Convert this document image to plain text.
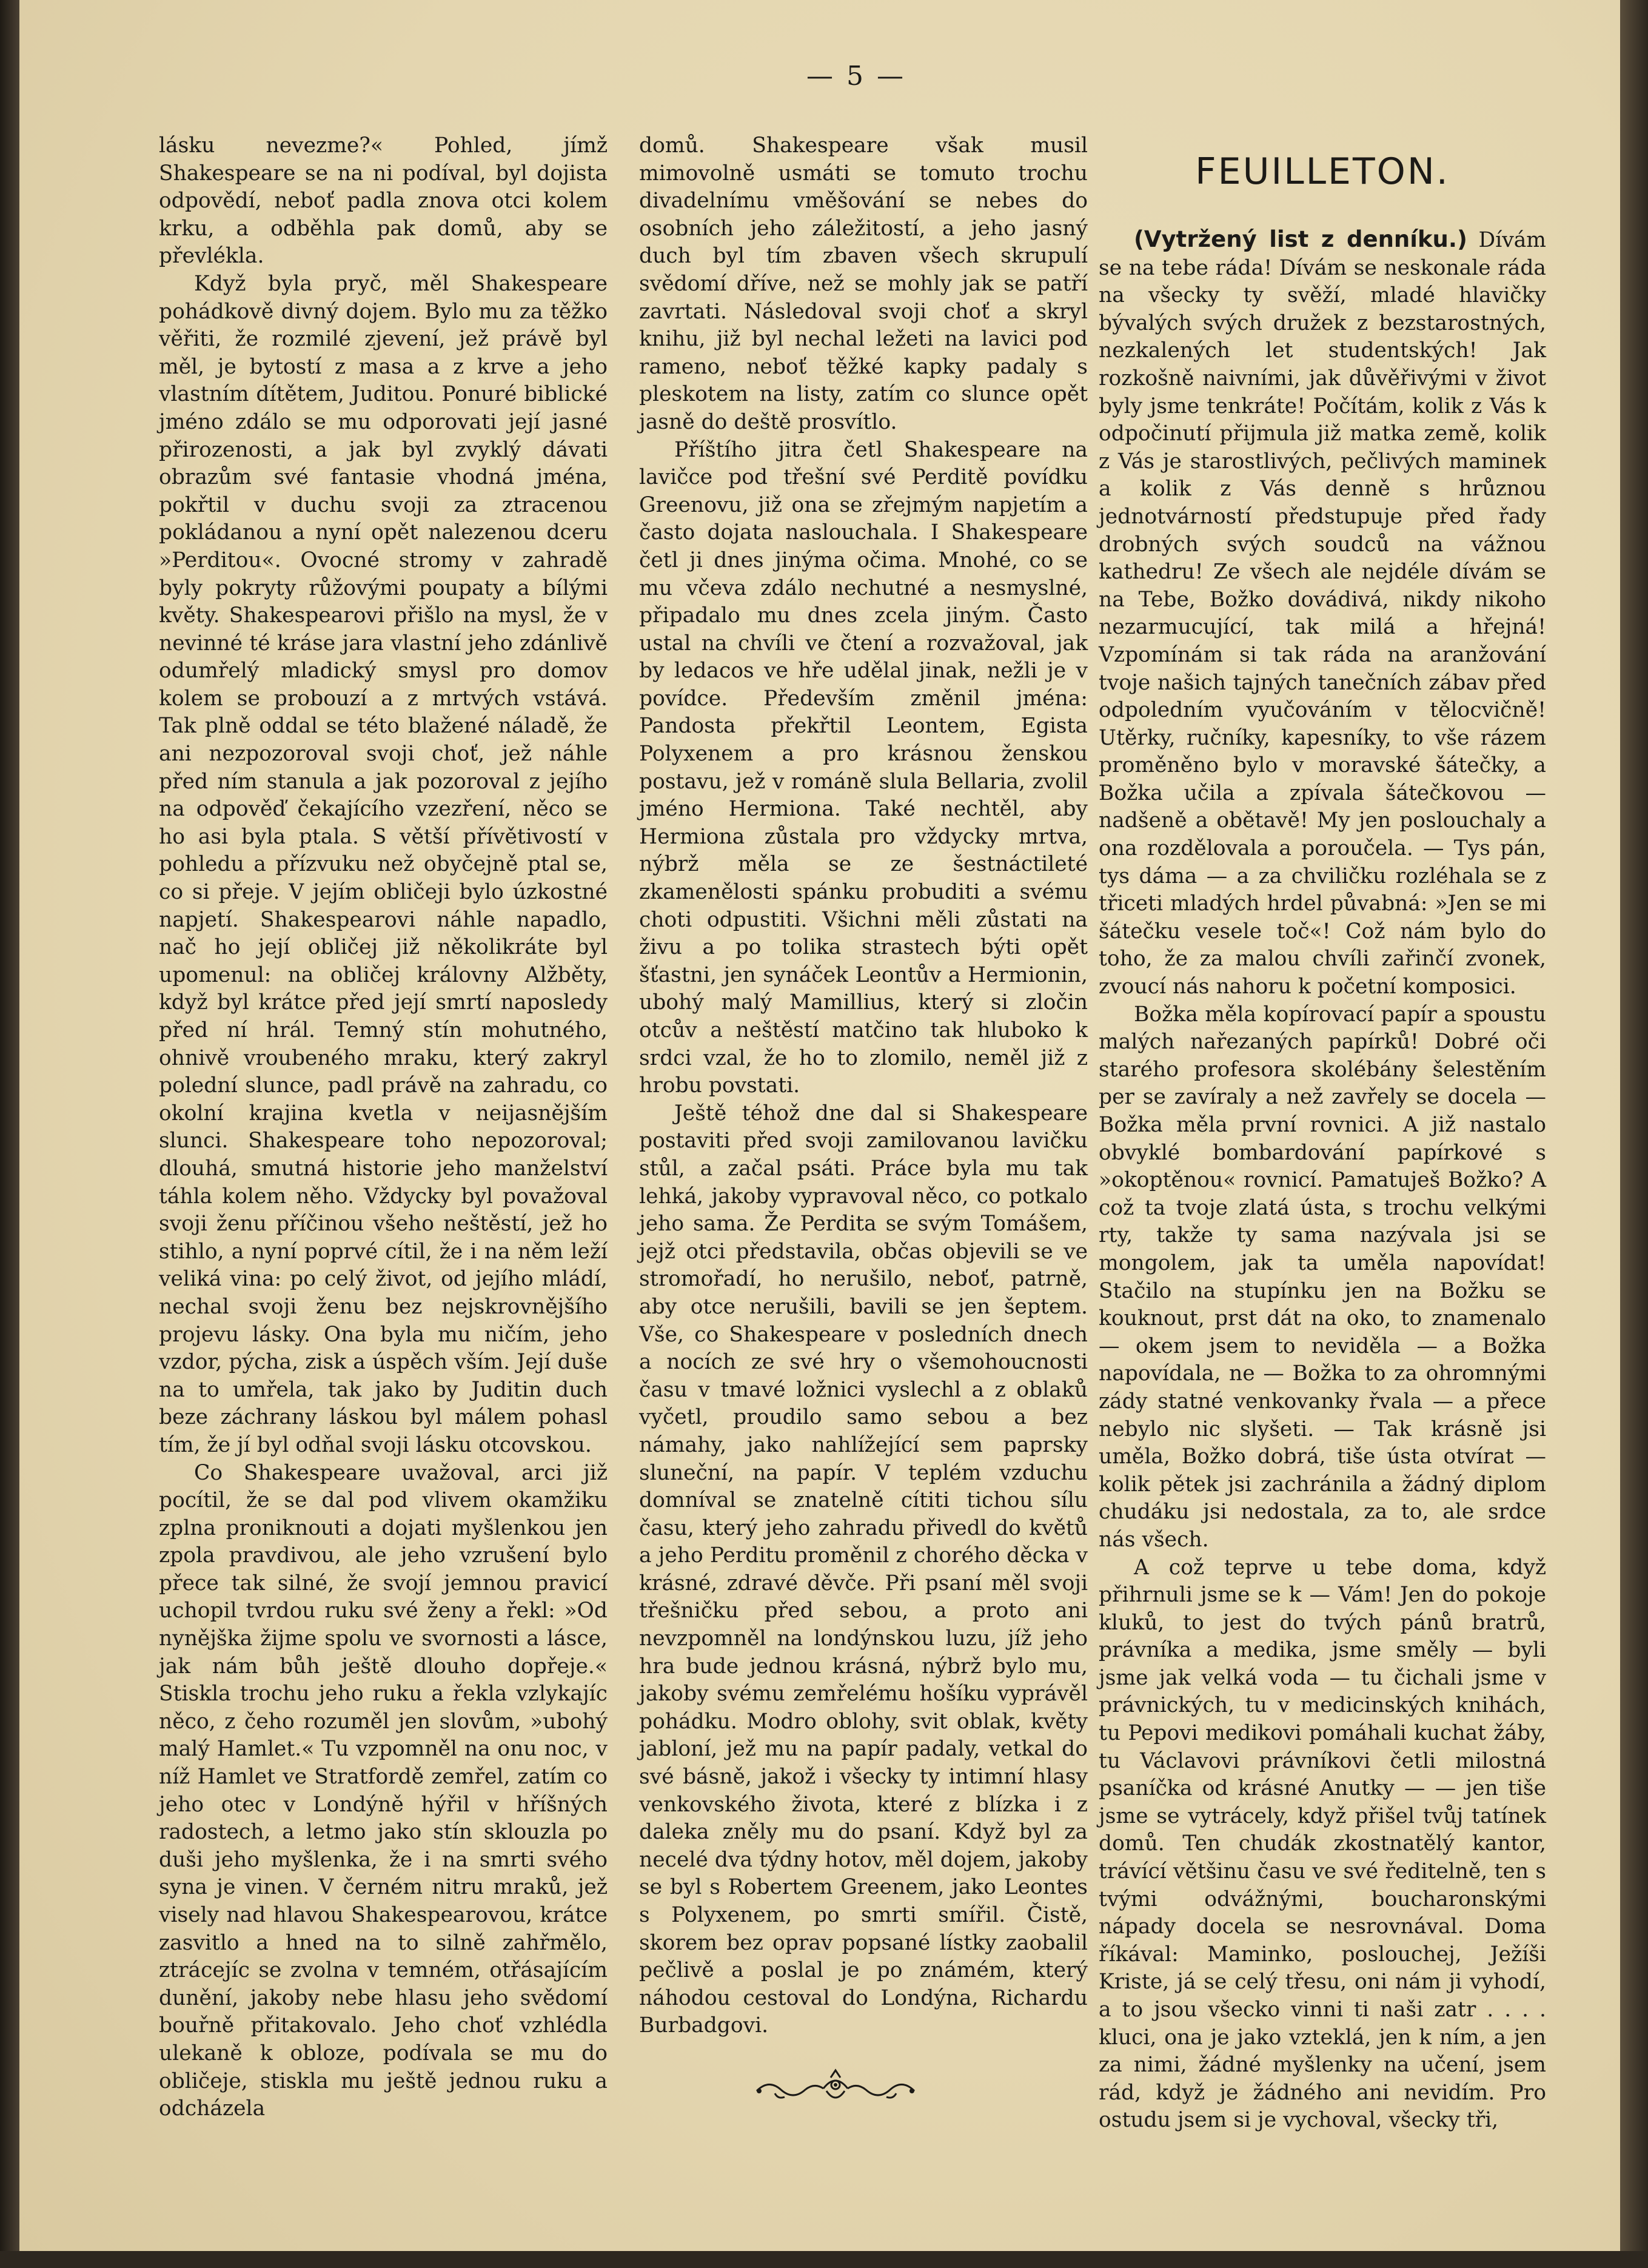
— 5 —

lásku nevezme?« Pohled, jímž Shakespeare se na ni podíval, byl dojista odpovědí, neboť padla znova otci kolem krku, a odběhla pak domů, aby se převlékla.

Když byla pryč, měl Shakespeare pohádkově divný dojem. Bylo mu za těžko věřiti, že rozmilé zjevení, jež právě byl měl, je bytostí z masa a z krve a jeho vlastním dítětem, Juditou. Ponuré biblické jméno zdálo se mu odporovati její jasné přirozenosti, a jak byl zvyklý dávati obrazům své fantasie vhodná jména, pokřtil v duchu svoji za ztracenou pokládanou a nyní opět nalezenou dceru »Perditou«. Ovocné stromy v zahradě byly pokryty růžovými poupaty a bílými květy. Shakespearovi přišlo na mysl, že v nevinné té kráse jara vlastní jeho zdánlivě odumřelý mladický smysl pro domov kolem se probouzí a z mrtvých vstává. Tak plně oddal se této blažené náladě, že ani nezpozoroval svoji choť, jež náhle před ním stanula a jak pozoroval z jejího na odpověď čekajícího vzezření, něco se ho asi byla ptala. S větší přívětivostí v pohledu a přízvuku než obyčejně ptal se, co si přeje. V jejím obličeji bylo úzkostné napjetí. Shakespearovi náhle napadlo, nač ho její obličej již několikráte byl upomenul: na obličej královny Alžběty, když byl krátce před její smrtí naposledy před ní hrál. Temný stín mohutného, ohnivě vroubeného mraku, který zakryl polední slunce, padl právě na zahradu, co okolní krajina kvetla v neijasnějším slunci. Shakespeare toho nepozoroval; dlouhá, smutná historie jeho manželství táhla kolem něho. Vždycky byl považoval svoji ženu příčinou všeho neštěstí, jež ho stihlo, a nyní poprvé cítil, že i na něm leží veliká vina: po celý život, od jejího mládí, nechal svoji ženu bez nejskrovnějšího projevu lásky. Ona byla mu ničím, jeho vzdor, pýcha, zisk a úspěch vším. Její duše na to umřela, tak jako by Juditin duch beze záchrany láskou byl málem pohasl tím, že jí byl odňal svoji lásku otcovskou.

Co Shakespeare uvažoval, arci již pocítil, že se dal pod vlivem okamžiku zplna proniknouti a dojati myšlenkou jen zpola pravdivou, ale jeho vzrušení bylo přece tak silné, že svojí jemnou pravicí uchopil tvrdou ruku své ženy a řekl: »Od nynějška žijme spolu ve svornosti a lásce, jak nám bůh ještě dlouho dopřeje.« Stiskla trochu jeho ruku a řekla vzlykajíc něco, z čeho rozuměl jen slovům, »ubohý malý Hamlet.« Tu vzpomněl na onu noc, v níž Hamlet ve Stratfordě zemřel, zatím co jeho otec v Londýně hýřil v hříšných radostech, a letmo jako stín sklouzla po duši jeho myšlenka, že i na smrti svého syna je vinen. V černém nitru mraků, jež visely nad hlavou Shakespearovou, krátce zasvitlo a hned na to silně zahřmělo, ztrácejíc se zvolna v temném, otřásajícím dunění, jakoby nebe hlasu jeho svědomí bouřně přitakovalo. Jeho choť vzhlédla ulekaně k obloze, podívala se mu do obličeje, stiskla mu ještě jednou ruku a odcházela

domů. Shakespeare však musil mimovolně usmáti se tomuto trochu divadelnímu vměšování se nebes do osobních jeho záležitostí, a jeho jasný duch byl tím zbaven všech skrupulí svědomí dříve, než se mohly jak se patří zavrtati. Následoval svoji choť a skryl knihu, již byl nechal ležeti na lavici pod rameno, neboť těžké kapky padaly s pleskotem na listy, zatím co slunce opět jasně do deště prosvítlo.

Příštího jitra četl Shakespeare na lavičce pod třešní své Perditě povídku Greenovu, již ona se zřejmým napjetím a často dojata naslouchala. I Shakespeare četl ji dnes jinýma očima. Mnohé, co se mu včeva zdálo nechutné a nesmyslné, připadalo mu dnes zcela jiným. Často ustal na chvíli ve čtení a rozvažoval, jak by ledacos ve hře udělal jinak, nežli je v povídce. Především změnil jména: Pandosta překřtil Leontem, Egista Polyxenem a pro krásnou ženskou postavu, jež v románě slula Bellaria, zvolil jméno Hermiona. Také nechtěl, aby Hermiona zůstala pro vždycky mrtva, nýbrž měla se ze šestnáctileté zkamenělosti spánku probuditi a svému choti odpustiti. Všichni měli zůstati na živu a po tolika strastech býti opět šťastni, jen synáček Leontův a Hermionin, ubohý malý Mamillius, který si zločin otcův a neštěstí matčino tak hluboko k srdci vzal, že ho to zlomilo, neměl již z hrobu povstati.

Ještě téhož dne dal si Shakespeare postaviti před svoji zamilovanou lavičku stůl, a začal psáti. Práce byla mu tak lehká, jakoby vypravoval něco, co potkalo jeho sama. Že Perdita se svým Tomášem, jejž otci představila, občas objevili se ve stromořadí, ho nerušilo, neboť, patrně, aby otce nerušili, bavili se jen šeptem. Vše, co Shakespeare v posledních dnech a nocích ze své hry o všemohoucnosti času v tmavé ložnici vyslechl a z oblaků vyčetl, proudilo samo sebou a bez námahy, jako nahlížející sem paprsky sluneční, na papír. V teplém vzduchu domníval se znatelně cítiti tichou sílu času, který jeho zahradu přivedl do květů a jeho Perditu proměnil z chorého děcka v krásné, zdravé děvče. Při psaní měl svoji třešničku před sebou, a proto ani nevzpomněl na londýnskou luzu, jíž jeho hra bude jednou krásná, nýbrž bylo mu, jakoby svému zemřelému hošíku vyprávěl pohádku. Modro oblohy, svit oblak, květy jabloní, jež mu na papír padaly, vetkal do své básně, jakož i všecky ty intimní hlasy venkovského života, které z blízka i z daleka zněly mu do psaní. Když byl za necelé dva týdny hotov, měl dojem, jakoby se byl s Robertem Greenem, jako Leontes s Polyxenem, po smrti smířil. Čistě, skorem bez oprav popsané lístky zaobalil pečlivě a poslal je po známém, který náhodou cestoval do Londýna, Richardu Burbadgovi.

FEUILLETON.

(Vytržený list z denníku.) Dívám se na tebe ráda! Dívám se neskonale ráda na všecky ty svěží, mladé hlavičky bývalých svých družek z bezstarostných, nezkalených let studentských! Jak rozkošně naivními, jak důvěřivými v život byly jsme tenkráte! Počítám, kolik z Vás k odpočinutí přijmula již matka země, kolik z Vás je starostlivých, pečlivých maminek a kolik z Vás denně s hrůznou jednotvárností předstupuje před řady drobných svých soudců na vážnou kathedru! Ze všech ale nejdéle dívám se na Tebe, Božko dovádivá, nikdy nikoho nezarmucující, tak milá a hřejná! Vzpomínám si tak ráda na aranžování tvoje našich tajných tanečních zábav před odpoledním vyučováním v tělocvičně! Utěrky, ručníky, kapesníky, to vše rázem proměněno bylo v moravské šátečky, a Božka učila a zpívala šátečkovou — nadšeně a obětavě! My jen poslouchaly a ona rozdělovala a poroučela. — Tys pán, tys dáma — a za chviličku rozléhala se z třiceti mladých hrdel půvabná: »Jen se mi šátečku vesele toč«! Což nám bylo do toho, že za malou chvíli zařinčí zvonek, zvoucí nás nahoru k početní komposici.

Božka měla kopírovací papír a spoustu malých nařezaných papírků! Dobré oči starého profesora skolébány šelestěním per se zavíraly a než zavřely se docela — Božka měla první rovnici. A již nastalo obvyklé bombardování papírkové s »okoptěnou« rovnicí. Pamatuješ Božko? A což ta tvoje zlatá ústa, s trochu velkými rty, takže ty sama nazývala jsi se mongolem, jak ta uměla napovídat! Stačilo na stupínku jen na Božku se kouknout, prst dát na oko, to znamenalo — okem jsem to neviděla — a Božka napovídala, ne — Božka to za ohromnými zády statné venkovanky řvala — a přece nebylo nic slyšeti. — Tak krásně jsi uměla, Božko dobrá, tiše ústa otvírat — kolik pětek jsi zachránila a žádný diplom chudáku jsi nedostala, za to, ale srdce nás všech.

A což teprve u tebe doma, když přihrnuli jsme se k — Vám! Jen do pokoje kluků, to jest do tvých pánů bratrů, právníka a medika, jsme směly — byli jsme jak velká voda — tu čichali jsme v právnických, tu v medicinských knihách, tu Pepovi medikovi pomáhali kuchat žáby, tu Václavovi právníkovi četli milostná psaníčka od krásné Anutky — — jen tiše jsme se vytrácely, když přišel tvůj tatínek domů. Ten chudák zkostnatělý kantor, trávící většinu času ve své ředitelně, ten s tvými odvážnými, boucharonskými nápady docela se nesrovnával. Doma říkával: Maminko, poslouchej, Ježíši Kriste, já se celý třesu, oni nám ji vyhodí, a to jsou všecko vinni ti naši zatr . . . . kluci, ona je jako vzteklá, jen k ním, a jen za nimi, žádné myšlenky na učení, jsem rád, když je žádného ani nevidím. Pro ostudu jsem si je vychoval, všecky tři,
